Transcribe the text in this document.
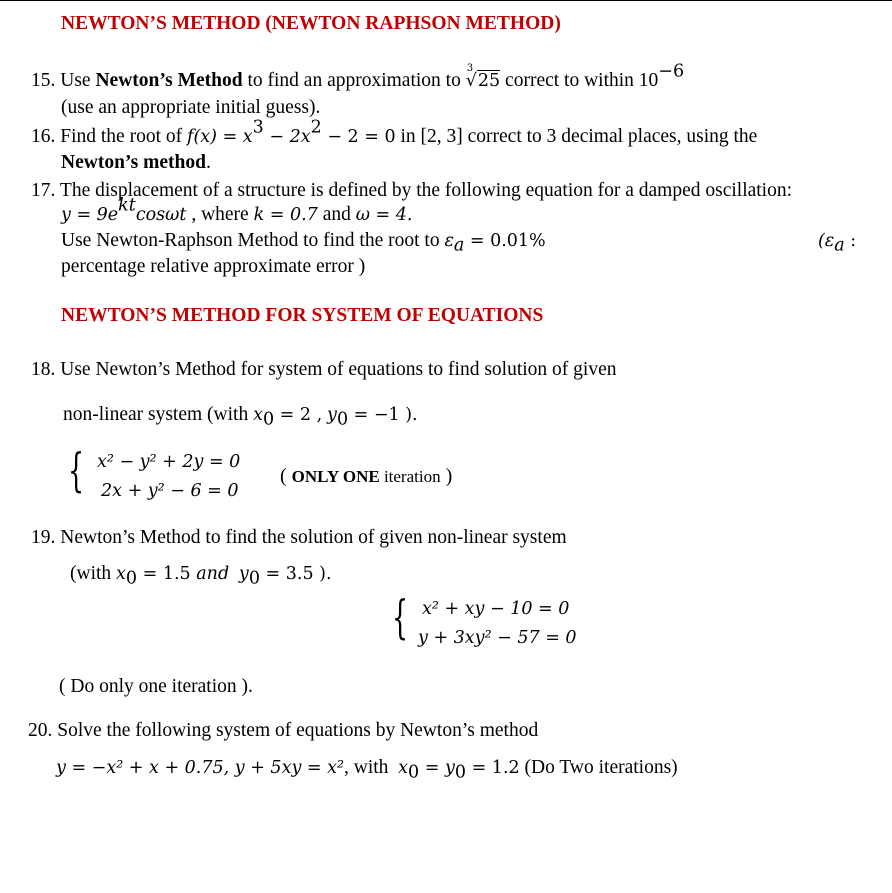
NEWTON’S METHOD (NEWTON RAPHSON METHOD)
15. Use Newton’s Method to find an approximation to
3
√25 correct to within $10^{-6}$
(use an appropriate initial guess).
16. Find the root of $f(x) = x^3 - 2x^2 - 2 = 0$ in [2, 3] correct to 3 decimal places, using the
Newton’s method.
17. The displacement of a structure is defined by the following equation for a damped oscillation:
$y = 9e^{kt}\cos\omega t$ , where k = 0.7 and ω = 4.
Use Newton-Raphson Method to find the root to $\varepsilon_a = 0.01\%$	($\varepsilon_a$ :
percentage relative approximate error )
NEWTON’S METHOD FOR SYSTEM OF EQUATIONS
18. Use Newton’s Method for system of equations to find solution of given
non-linear system (with $x_0 = 2$ , $y_0 = -1$ ).
{ x² − y² + 2y = 0
2x + y² − 6 = 0
( ONLY ONE iteration )
19. Newton’s Method to find the solution of given non-linear system
(with $x_0 = 1.5$ and $y_0 = 3.5$ ).
{ x² + xy − 10 = 0
y + 3xy² − 57 = 0
( Do only one iteration ).
20. Solve the following system of equations by Newton’s method
y = −x² + x + 0.75, y + 5xy = x², with  $x_0 = y_0 = 1.2$ (Do Two iterations)
